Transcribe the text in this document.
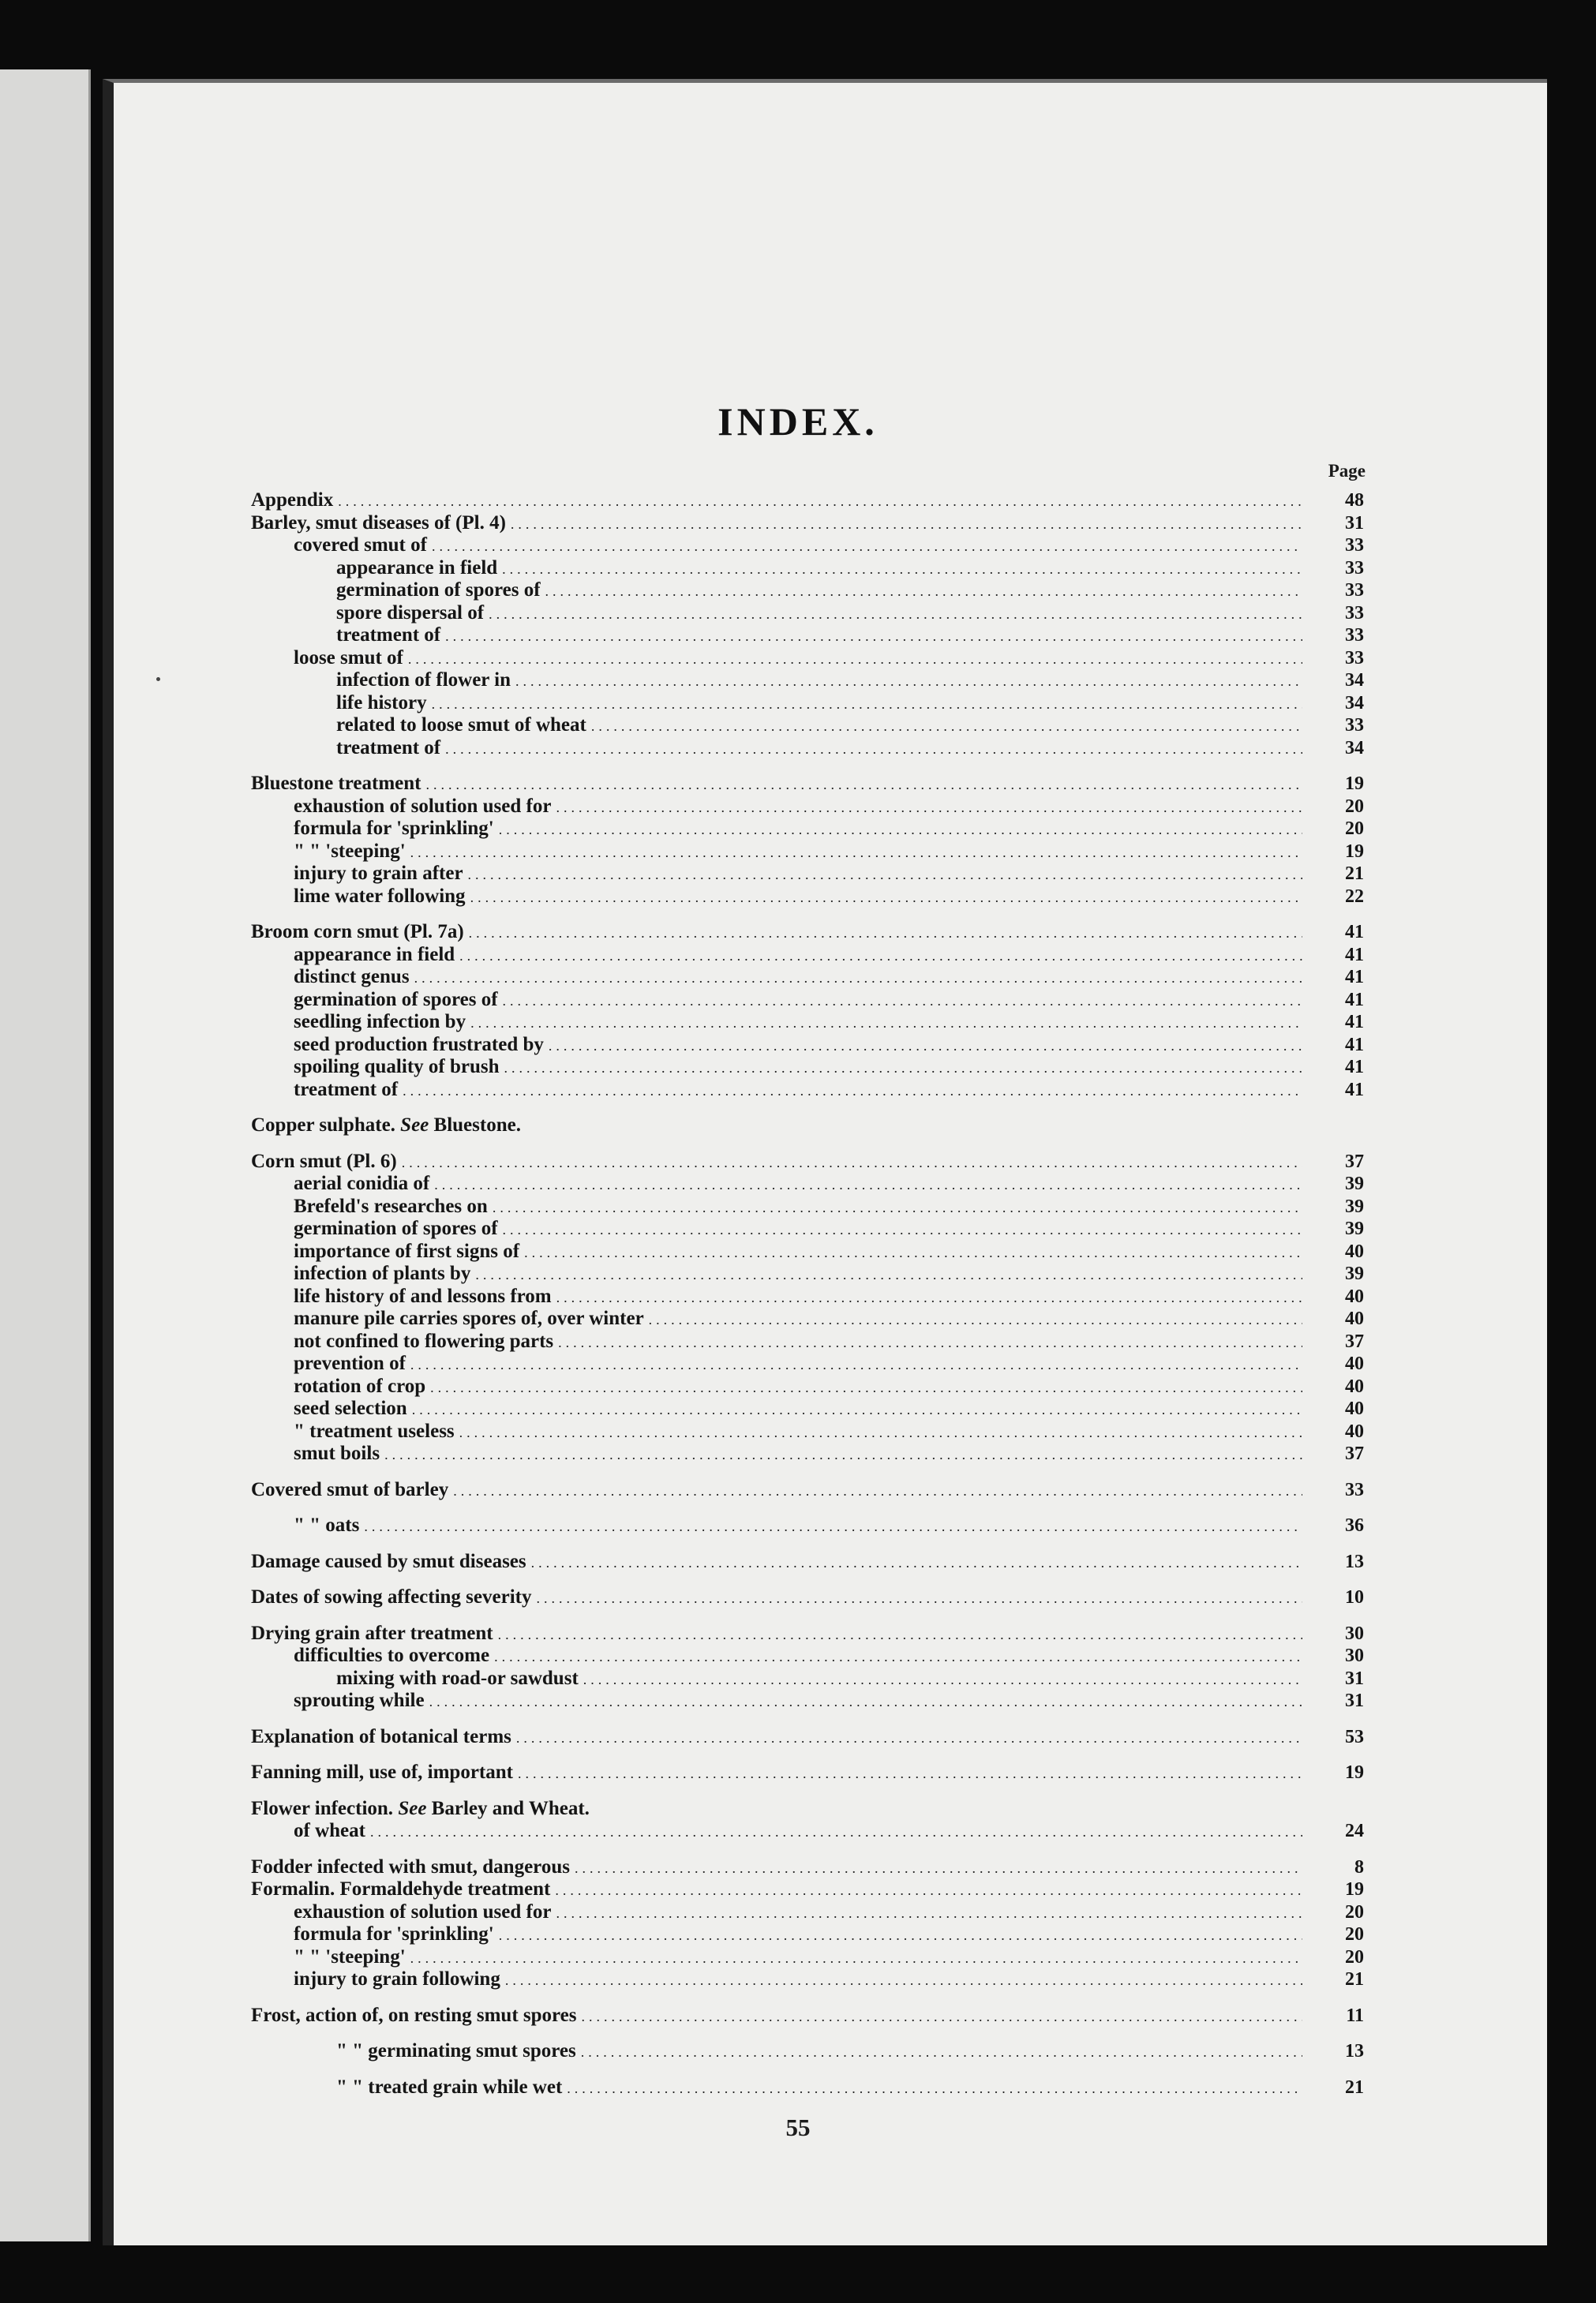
INDEX.
Page
Appendix .....	48
Barley, smut diseases of (Pl. 4) .....	31
covered smut of .....	33
appearance in field .....	33
germination of spores of .....	33
spore dispersal of .....	33
treatment of .....	33
loose smut of .....	33
infection of flower in .....	34
life history .....	34
related to loose smut of wheat .....	33
treatment of .....	34
Bluestone treatment .....	19
exhaustion of solution used for .....	20
formula for 'sprinkling' .....	20
" " 'steeping' .....	19
injury to grain after .....	21
lime water following .....	22
Broom corn smut (Pl. 7a) .....	41
appearance in field .....	41
distinct genus .....	41
germination of spores of .....	41
seedling infection by .....	41
seed production frustrated by .....	41
spoiling quality of brush .....	41
treatment of .....	41
Copper sulphate. See Bluestone.
Corn smut (Pl. 6) .....	37
aerial conidia of .....	39
Brefeld's researches on .....	39
germination of spores of .....	39
importance of first signs of .....	40
infection of plants by .....	39
life history of and lessons from .....	40
manure pile carries spores of, over winter .....	40
not confined to flowering parts .....	37
prevention of .....	40
rotation of crop .....	40
seed selection .....	40
" treatment useless .....	40
smut boils .....	37
Covered smut of barley .....	33
" " oats .....	36
Damage caused by smut diseases .....	13
Dates of sowing affecting severity .....	10
Drying grain after treatment .....	30
difficulties to overcome .....	30
mixing with road-or sawdust .....	31
sprouting while .....	31
Explanation of botanical terms .....	53
Fanning mill, use of, important .....	19
Flower infection. See Barley and Wheat.
of wheat .....	24
Fodder infected with smut, dangerous .....	8
Formalin. Formaldehyde treatment .....	19
exhaustion of solution used for .....	20
formula for 'sprinkling' .....	20
" " 'steeping' .....	20
injury to grain following .....	21
Frost, action of, on resting smut spores .....	11
" " germinating smut spores .....	13
" " treated grain while wet .....	21
55
